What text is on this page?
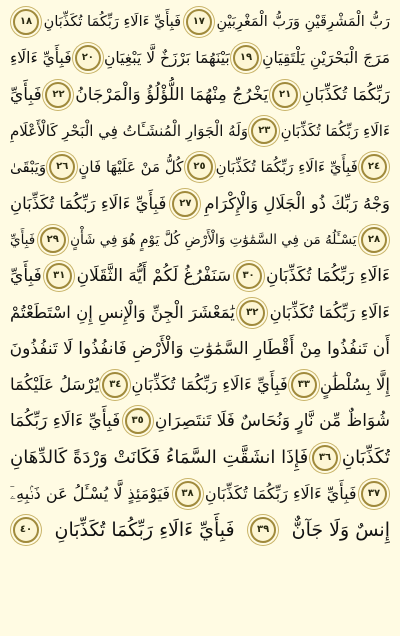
رَبُّ الْمَشْرِقَيْنِ وَرَبُّ الْمَغْرِبَيْنِ
١٧
فَبِأَيِّ ءَالَاءِ رَبِّكُمَا تُكَذِّبَانِ
١٨
مَرَجَ الْبَحْرَيْنِ يَلْتَقِيَانِ
١٩
بَيْنَهُمَا بَرْزَخٌ لَّا يَبْغِيَانِ
٢٠
فَبِأَيِّ ءَالَاءِ
رَبِّكُمَا تُكَذِّبَانِ
٢١
يَخْرُجُ مِنْهُمَا اللُّؤْلُؤُ وَالْمَرْجَانُ
٢٢
فَبِأَيِّ
ءَالَاءِ رَبِّكُمَا تُكَذِّبَانِ
٢٣
وَلَهُ الْجَوَارِ الْمُنشَـَٔاتُ فِي الْبَحْرِ كَالْأَعْلَامِ
٢٤
فَبِأَيِّ ءَالَاءِ رَبِّكُمَا تُكَذِّبَانِ
٢٥
كُلُّ مَنْ عَلَيْهَا فَانٍ
٢٦
وَيَبْقَىٰ
وَجْهُ رَبِّكَ ذُو الْجَلَالِ وَالْإِكْرَامِ
٢٧
فَبِأَيِّ ءَالَاءِ رَبِّكُمَا تُكَذِّبَانِ
٢٨
يَسْـَٔلُهُ مَن فِي السَّمَٰوَٰتِ وَالْأَرْضِ كُلَّ يَوْمٍ هُوَ فِي شَأْنٍ
٢٩
فَبِأَيِّ
ءَالَاءِ رَبِّكُمَا تُكَذِّبَانِ
٣٠
سَنَفْرُغُ لَكُمْ أَيُّهَ الثَّقَلَانِ
٣١
فَبِأَيِّ
ءَالَاءِ رَبِّكُمَا تُكَذِّبَانِ
٣٢
يَٰمَعْشَرَ الْجِنِّ وَالْإِنسِ إِنِ اسْتَطَعْتُمْ
أَن تَنفُذُوا مِنْ أَقْطَارِ السَّمَٰوَٰتِ وَالْأَرْضِ فَانفُذُوا لَا تَنفُذُونَ
إِلَّا بِسُلْطَٰنٍ
٣٣
فَبِأَيِّ ءَالَاءِ رَبِّكُمَا تُكَذِّبَانِ
٣٤
يُرْسَلُ عَلَيْكُمَا
شُوَاظٌ مِّن نَّارٍ وَنُحَاسٌ فَلَا تَنتَصِرَانِ
٣٥
فَبِأَيِّ ءَالَاءِ رَبِّكُمَا
تُكَذِّبَانِ
٣٦
فَإِذَا انشَقَّتِ السَّمَاءُ فَكَانَتْ وَرْدَةً كَالدِّهَانِ
٣٧
فَبِأَيِّ ءَالَاءِ رَبِّكُمَا تُكَذِّبَانِ
٣٨
فَيَوْمَئِذٍ لَّا يُسْـَٔلُ عَن ذَنۢبِهِۦٓ
إِنسٌ وَلَا جَآنٌّ
٣٩
فَبِأَيِّ ءَالَاءِ رَبِّكُمَا تُكَذِّبَانِ
٤٠
